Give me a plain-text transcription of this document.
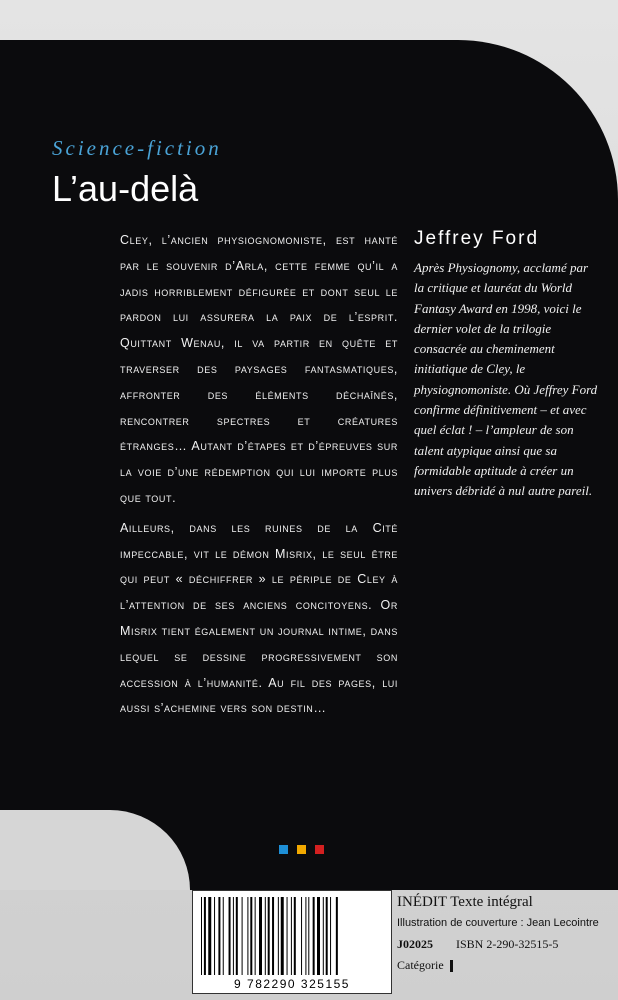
Science-fiction
L’au-delà

Cley, l’ancien physiognomoniste, est hanté par le souvenir d’Arla, cette femme qu’il a jadis horriblement défigurée et dont seul le pardon lui assurera la paix de l’esprit. Quittant Wenau, il va partir en quête et traverser des paysages fantasmatiques, affronter des éléments déchaînés, rencontrer spectres et créatures étranges… Autant d’étapes et d’épreuves sur la voie d’une rédemption qui lui importe plus que tout.

Ailleurs, dans les ruines de la Cité impeccable, vit le démon Misrix, le seul être qui peut « déchiffrer » le périple de Cley à l’attention de ses anciens concitoyens. Or Misrix tient également un journal intime, dans lequel se dessine progressivement son accession à l’humanité. Au fil des pages, lui aussi s’achemine vers son destin…

Jeffrey Ford
Après Physiognomy, acclamé par la critique et lauréat du World Fantasy Award en 1998, voici le dernier volet de la trilogie consacrée au cheminement initiatique de Cley, le physiognomoniste. Où Jeffrey Ford confirme définitivement – et avec quel éclat ! – l’ampleur de son talent atypique ainsi que sa formidable aptitude à créer un univers débridé à nul autre pareil.

9 782290 325155
INÉDIT Texte intégral
Illustration de couverture : Jean Lecointre
J02025 ISBN 2-290-32515-5
Catégorie
